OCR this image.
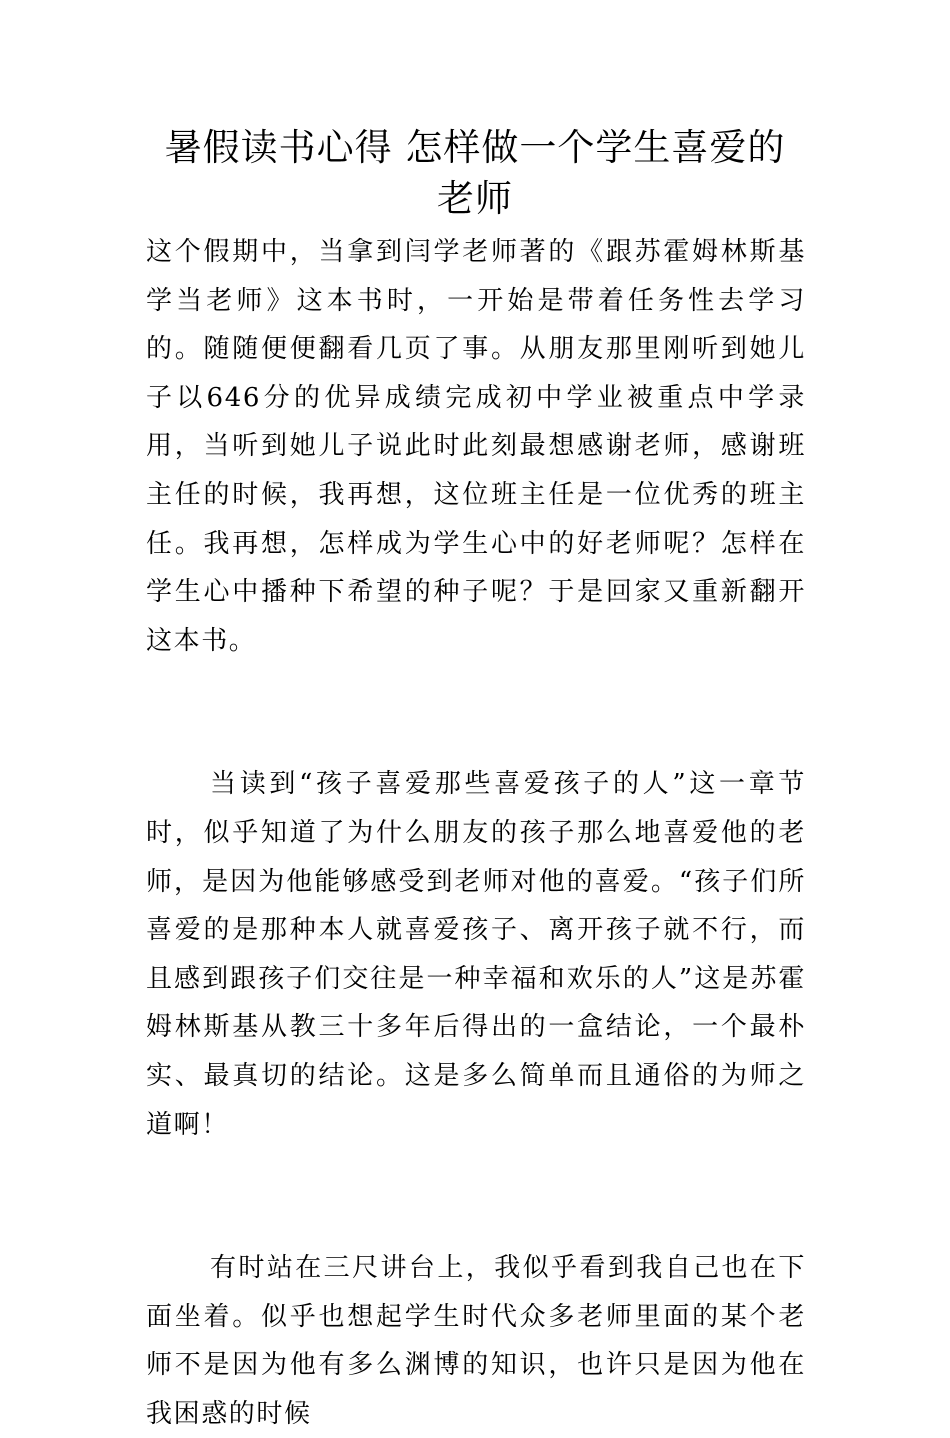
暑假读书心得 怎样做一个学生喜爱的
老师

这个假期中，当拿到闫学老师著的《跟苏霍姆林斯基学当老师》这本书时，一开始是带着任务性去学习的。随随便便翻看几页了事。从朋友那里刚听到她儿子以646分的优异成绩完成初中学业被重点中学录用，当听到她儿子说此时此刻最想感谢老师，感谢班主任的时候，我再想，这位班主任是一位优秀的班主任。我再想，怎样成为学生心中的好老师呢？怎样在学生心中播种下希望的种子呢？于是回家又重新翻开这本书。

当读到“孩子喜爱那些喜爱孩子的人”这一章节时，似乎知道了为什么朋友的孩子那么地喜爱他的老师，是因为他能够感受到老师对他的喜爱。“孩子们所喜爱的是那种本人就喜爱孩子、离开孩子就不行，而且感到跟孩子们交往是一种幸福和欢乐的人”这是苏霍姆林斯基从教三十多年后得出的一盒结论，一个最朴实、最真切的结论。这是多么简单而且通俗的为师之道啊！

有时站在三尺讲台上，我似乎看到我自己也在下面坐着。似乎也想起学生时代众多老师里面的某个老师不是因为他有多么渊博的知识，也许只是因为他在我困惑的时候
